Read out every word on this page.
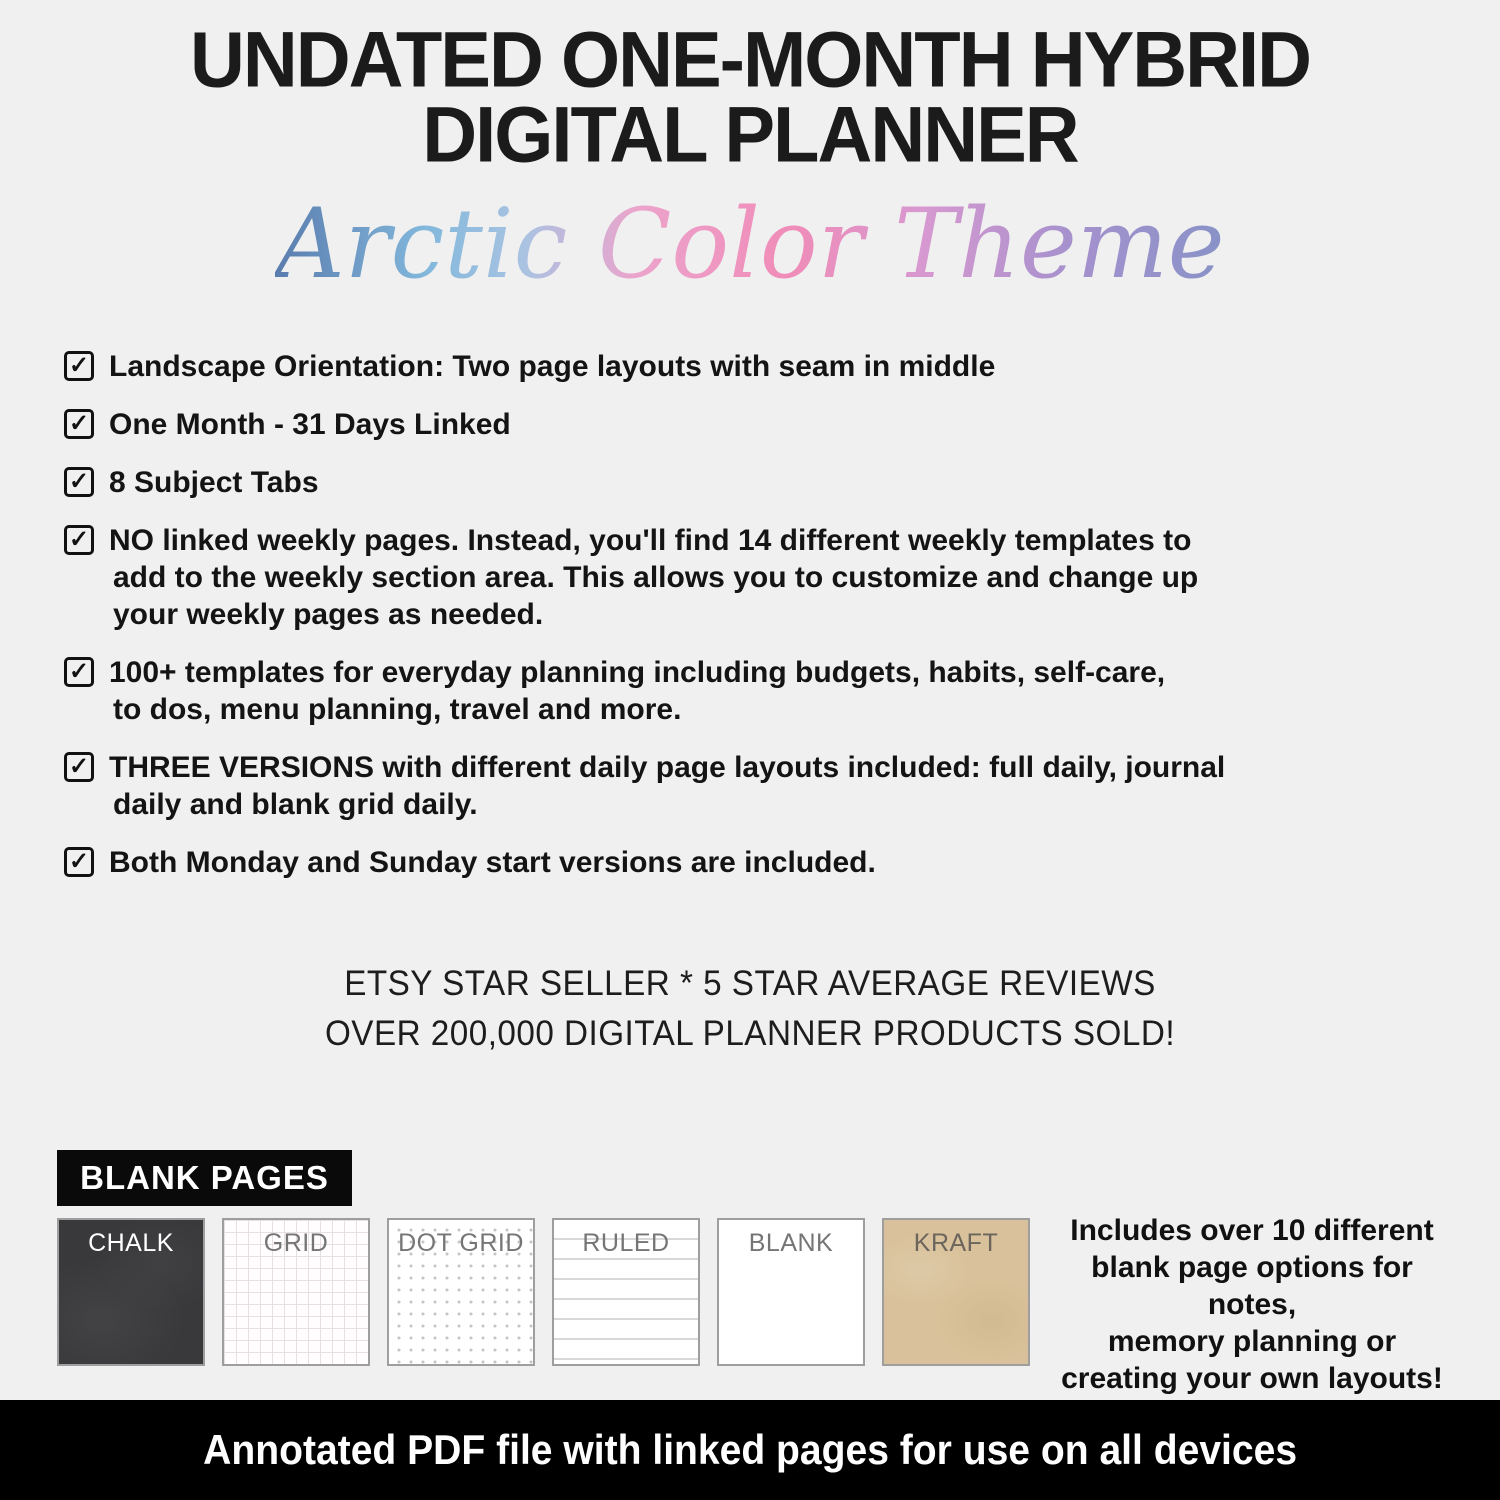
UNDATED ONE-MONTH HYBRID
DIGITAL PLANNER
Arctic Color Theme
✓ Landscape Orientation: Two page layouts with seam in middle
✓ One Month - 31 Days Linked
✓ 8 Subject Tabs
✓ NO linked weekly pages. Instead, you'll find 14 different weekly templates to
add to the weekly section area. This allows you to customize and change up
your weekly pages as needed.
✓ 100+ templates for everyday planning including budgets, habits, self-care,
to dos, menu planning, travel and more.
✓ THREE VERSIONS with different daily page layouts included: full daily, journal
daily and blank grid daily.
✓ Both Monday and Sunday start versions are included.
ETSY STAR SELLER * 5 STAR AVERAGE REVIEWS
OVER 200,000 DIGITAL PLANNER PRODUCTS SOLD!
BLANK PAGES
CHALK	GRID	DOT GRID	RULED	BLANK	KRAFT	Includes over 10 different
blank page options for notes,
memory planning or
creating your own layouts!
Annotated PDF file with linked pages for use on all devices
